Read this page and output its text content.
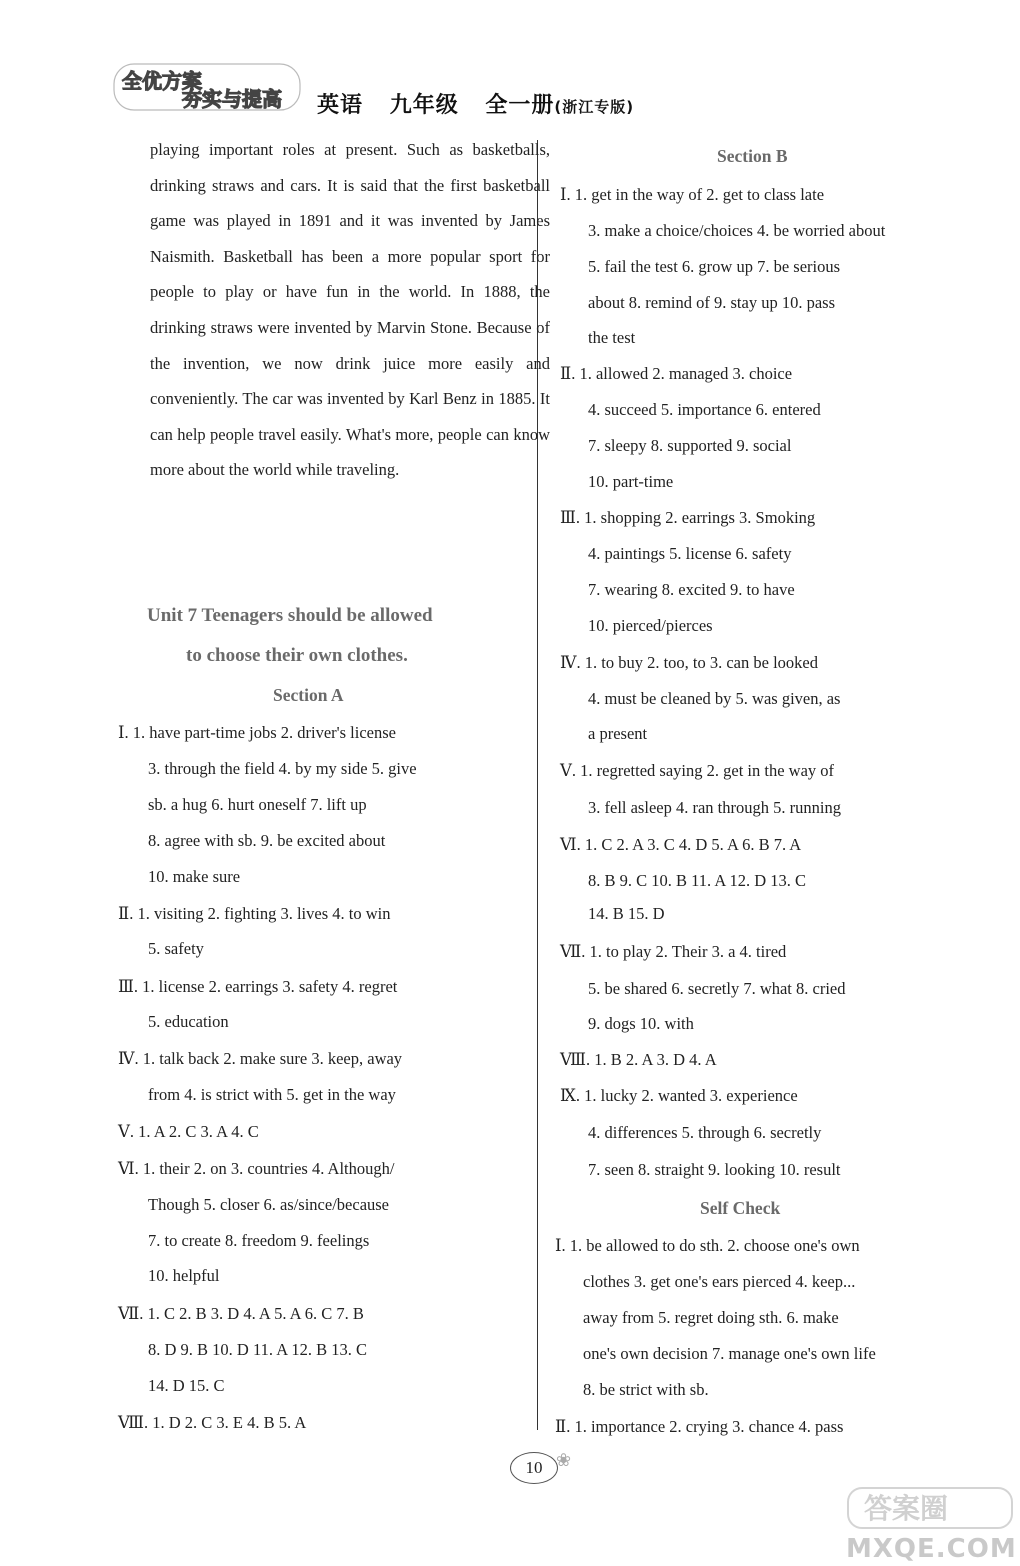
全优方案
夯实与提高 英语 九年级 全一册(浙江专版)
playing important roles at present. Such as basketballs, drinking straws and cars. It is said that the first basketball game was played in 1891 and it was invented by James Naismith. Basketball has been a more popular sport for people to play or have fun in the world. In 1888, the drinking straws were invented by Marvin Stone. Because of the invention, we now drink juice more easily and conveniently. The car was invented by Karl Benz in 1885. It can help people travel easily. What's more, people can know more about the world while traveling.
Unit 7 Teenagers should be allowed
to choose their own clothes.
Section A
Ⅰ. 1. have part-time jobs 2. driver's license
3. through the field 4. by my side 5. give
sb. a hug 6. hurt oneself 7. lift up
8. agree with sb. 9. be excited about
10. make sure
Ⅱ. 1. visiting 2. fighting 3. lives 4. to win
5. safety
Ⅲ. 1. license 2. earrings 3. safety 4. regret
5. education
Ⅳ. 1. talk back 2. make sure 3. keep, away
from 4. is strict with 5. get in the way
Ⅴ. 1. A 2. C 3. A 4. C
Ⅵ. 1. their 2. on 3. countries 4. Although/
Though 5. closer 6. as/since/because
7. to create 8. freedom 9. feelings
10. helpful
Ⅶ. 1. C 2. B 3. D 4. A 5. A 6. C 7. B
8. D 9. B 10. D 11. A 12. B 13. C
14. D 15. C
Ⅷ. 1. D 2. C 3. E 4. B 5. A
Section B
Ⅰ. 1. get in the way of 2. get to class late
3. make a choice/choices 4. be worried about
5. fail the test 6. grow up 7. be serious
about 8. remind of 9. stay up 10. pass
the test
Ⅱ. 1. allowed 2. managed 3. choice
4. succeed 5. importance 6. entered
7. sleepy 8. supported 9. social
10. part-time
Ⅲ. 1. shopping 2. earrings 3. Smoking
4. paintings 5. license 6. safety
7. wearing 8. excited 9. to have
10. pierced/pierces
Ⅳ. 1. to buy 2. too, to 3. can be looked
4. must be cleaned by 5. was given, as
a present
Ⅴ. 1. regretted saying 2. get in the way of
3. fell asleep 4. ran through 5. running
Ⅵ. 1. C 2. A 3. C 4. D 5. A 6. B 7. A
8. B 9. C 10. B 11. A 12. D 13. C
14. B 15. D
Ⅶ. 1. to play 2. Their 3. a 4. tired
5. be shared 6. secretly 7. what 8. cried
9. dogs 10. with
Ⅷ. 1. B 2. A 3. D 4. A
Ⅸ. 1. lucky 2. wanted 3. experience
4. differences 5. through 6. secretly
7. seen 8. straight 9. looking 10. result
Self Check
Ⅰ. 1. be allowed to do sth. 2. choose one's own
clothes 3. get one's ears pierced 4. keep...
away from 5. regret doing sth. 6. make
one's own decision 7. manage one's own life
8. be strict with sb.
Ⅱ. 1. importance 2. crying 3. chance 4. pass
10 ❀
答案圈
MXQE.COM
